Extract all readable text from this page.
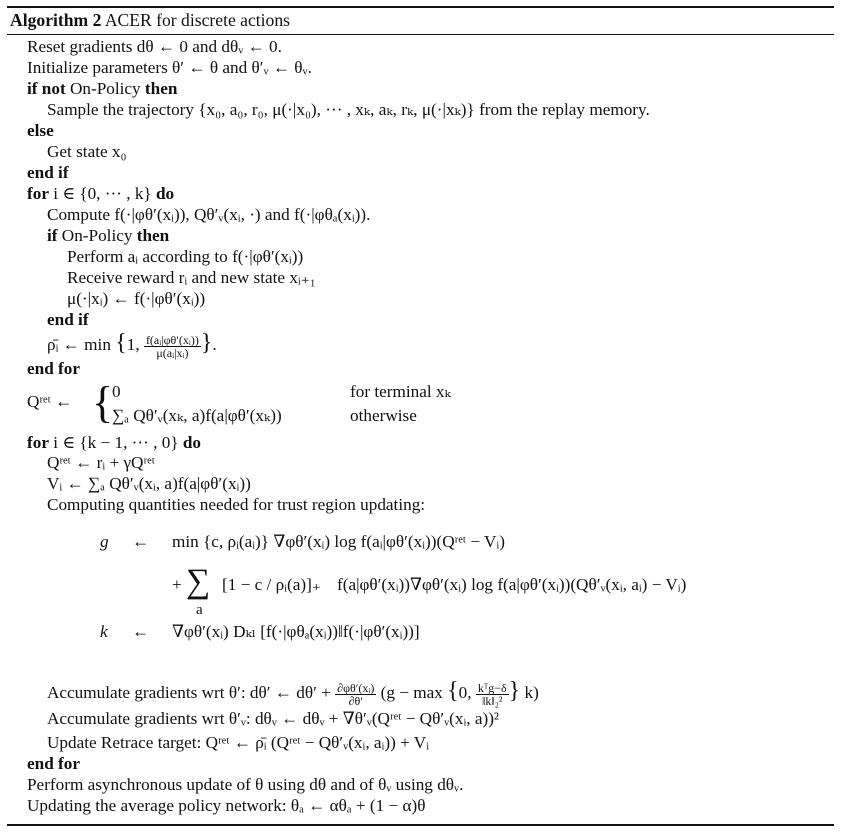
Algorithm 2 ACER for discrete actions
Reset gradients dθ ← 0 and dθᵥ ← 0.
Initialize parameters θ′ ← θ and θ′ᵥ ← θᵥ.
if not On-Policy then
Sample the trajectory {x₀, a₀, r₀, μ(·|x₀), ··· , xₖ, aₖ, rₖ, μ(·|xₖ)} from the replay memory.
else
Get state x₀
end if
for i ∈ {0, ··· , k} do
Compute f(·|φθ′(xᵢ)), Qθ′ᵥ(xᵢ, ·) and f(·|φθₐ(xᵢ)).
if On-Policy then
Perform aᵢ according to f(·|φθ′(xᵢ))
Receive reward rᵢ and new state xᵢ₊₁
μ(·|xᵢ) ← f(·|φθ′(xᵢ))
end if
ρ̄ᵢ ← min {1, $\frac{\text{f(aᵢ|φθ′(xᵢ))}}{\text{μ(aᵢ|xᵢ)}}$ }.
end for
Qʳᵉᵗ ← {
0	for terminal xₖ
∑ₐ Qθ′ᵥ(xₖ, a)f(a|φθ′(xₖ))	otherwise
for i ∈ {k − 1, ··· , 0} do
Qʳᵉᵗ ← rᵢ + γQʳᵉᵗ
Vᵢ ← ∑ₐ Qθ′ᵥ(xᵢ, a)f(a|φθ′(xᵢ))
Computing quantities needed for trust region updating:
g ← min {c, ρᵢ(aᵢ)} ∇φθ′(xᵢ) log f(aᵢ|φθ′(xᵢ))(Qʳᵉᵗ − Vᵢ)
+ ∑
a
[1 − c / ρᵢ(a)]₊ f(a|φθ′(xᵢ))∇φθ′(xᵢ) log f(a|φθ′(xᵢ))(Qθ′ᵥ(xᵢ, aᵢ) − Vᵢ)
k ← ∇φθ′(xᵢ) Dₖₗ [f(·|φθₐ(xᵢ))‖f(·|φθ′(xᵢ))]
Accumulate gradients wrt θ′: dθ′ ← $d\theta' + \frac{\text{∂φθ′(xᵢ)}}{\partial\theta'} (g - \max \{0$, $\frac{\text{kᵀg−δ}}{\text{‖k‖₂²}}$ } k)
Accumulate gradients wrt θ′ᵥ: dθᵥ ← dθᵥ + ∇θ′ᵥ(Qʳᵉᵗ − Qθ′ᵥ(xᵢ, a))²
Update Retrace target: Qʳᵉᵗ ← ρ̄ᵢ (Qʳᵉᵗ − Qθ′ᵥ(xᵢ, aᵢ)) + Vᵢ
end for
Perform asynchronous update of θ using dθ and of θᵥ using dθᵥ.
Updating the average policy network: θₐ ← αθₐ + (1 − α)θ
